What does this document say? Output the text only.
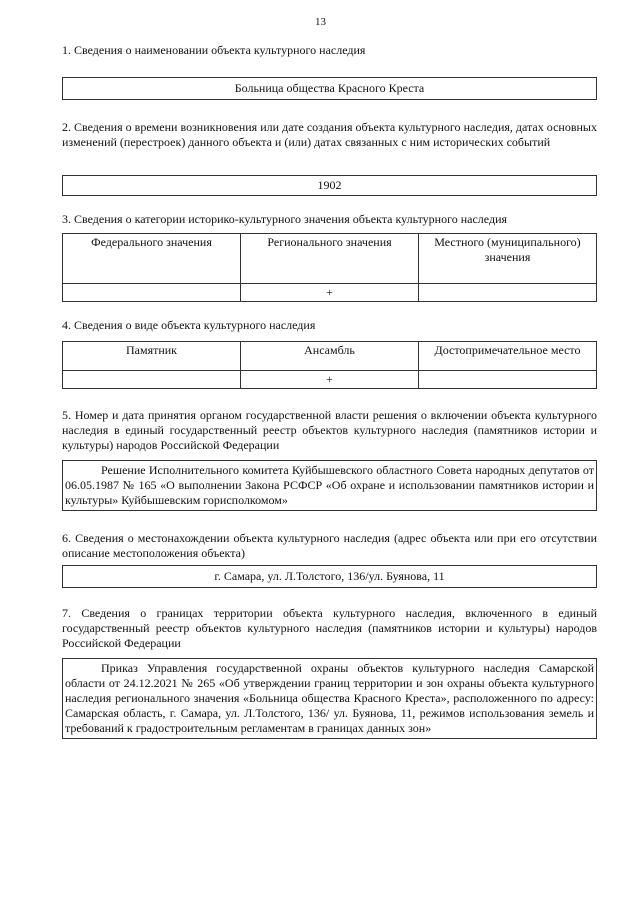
13
1. Сведения о наименовании объекта культурного наследия
Больница общества Красного Креста
2. Сведения о времени возникновения или дате создания объекта культурного наследия, датах основных изменений (перестроек) данного объекта и (или) датах связанных с ним исторических событий
1902
3. Сведения о категории историко-культурного значения объекта культурного наследия
Федерального значения	Регионального значения	Местного (муниципального) значения
	+	
4. Сведения о виде объекта культурного наследия
Памятник	Ансамбль	Достопримечательное место
	+	
5. Номер и дата принятия органом государственной власти решения о включении объекта культурного наследия в единый государственный реестр объектов культурного наследия (памятников истории и культуры) народов Российской Федерации

Решение Исполнительного комитета Куйбышевского областного Совета народных депутатов от 06.05.1987 № 165 «О выполнении Закона РСФСР «Об охране и использовании памятников истории и культуры» Куйбышевским горисполкомом»

6. Сведения о местонахождении объекта культурного наследия (адрес объекта или при его отсутствии описание местоположения объекта)
г. Самара, ул. Л.Толстого, 136/ул. Буянова, 11
7. Сведения о границах территории объекта культурного наследия, включенного в единый государственный реестр объектов культурного наследия (памятников истории и культуры) народов Российской Федерации

Приказ Управления государственной охраны объектов культурного наследия Самарской области от 24.12.2021 № 265 «Об утверждении границ территории и зон охраны объекта культурного наследия регионального значения «Больница общества Красного Креста», расположенного по адресу: Самарская область, г. Самара, ул. Л.Толстого, 136/ ул. Буянова, 11, режимов использования земель и требований к градостроительным регламентам в границах данных зон»
